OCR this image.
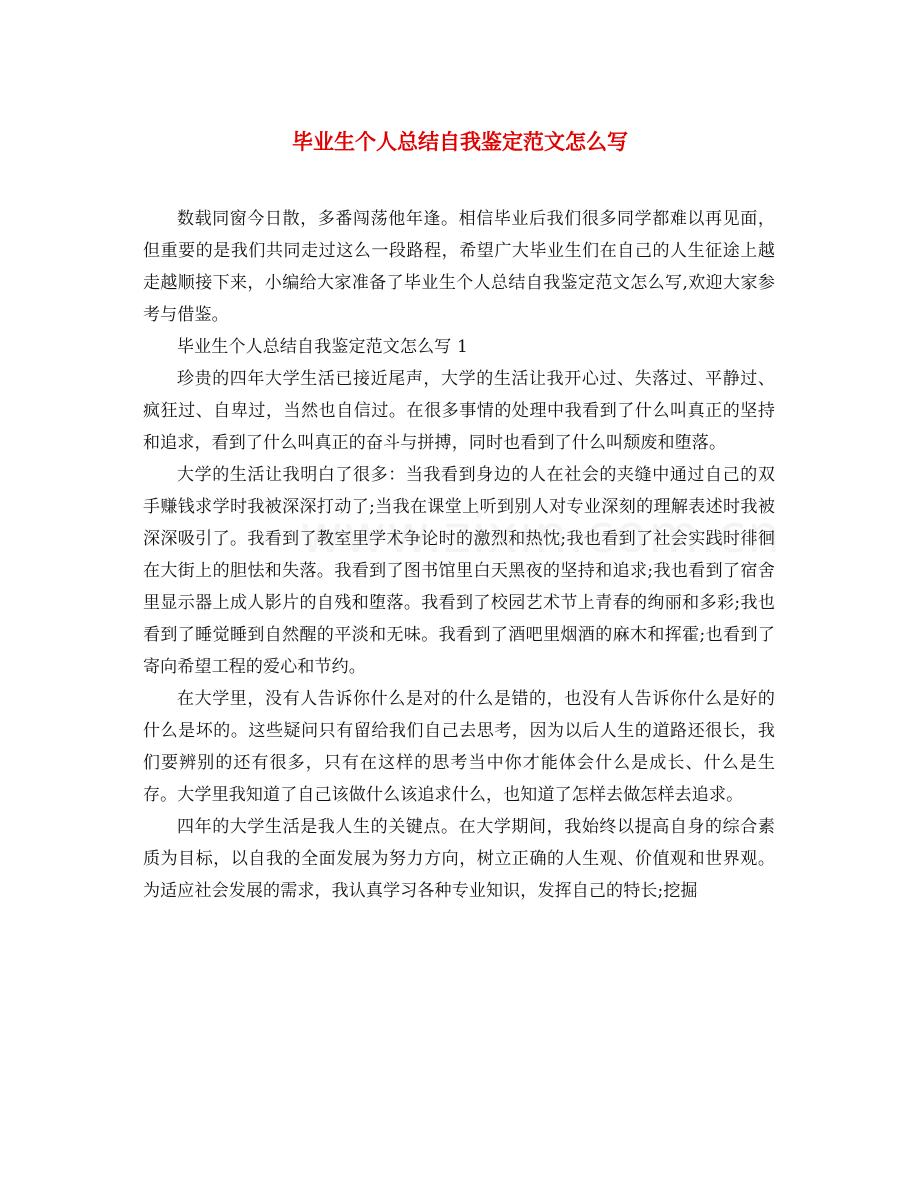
毕业生个人总结自我鉴定范文怎么写

数载同窗今日散，多番闯荡他年逢。相信毕业后我们很多同学都难以再见面，但重要的是我们共同走过这么一段路程，希望广大毕业生们在自己的人生征途上越走越顺接下来，小编给大家准备了毕业生个人总结自我鉴定范文怎么写,欢迎大家参考与借鉴。

毕业生个人总结自我鉴定范文怎么写 1

珍贵的四年大学生活已接近尾声，大学的生活让我开心过、失落过、平静过、疯狂过、自卑过，当然也自信过。在很多事情的处理中我看到了什么叫真正的坚持和追求，看到了什么叫真正的奋斗与拼搏，同时也看到了什么叫颓废和堕落。

大学的生活让我明白了很多：当我看到身边的人在社会的夹缝中通过自己的双手赚钱求学时我被深深打动了;当我在课堂上听到别人对专业深刻的理解表述时我被深深吸引了。我看到了教室里学术争论时的激烈和热忱;我也看到了社会实践时徘徊在大街上的胆怯和失落。我看到了图书馆里白天黑夜的坚持和追求;我也看到了宿舍里显示器上成人影片的自残和堕落。我看到了校园艺术节上青春的绚丽和多彩;我也看到了睡觉睡到自然醒的平淡和无味。我看到了酒吧里烟酒的麻木和挥霍;也看到了寄向希望工程的爱心和节约。

在大学里，没有人告诉你什么是对的什么是错的，也没有人告诉你什么是好的什么是坏的。这些疑问只有留给我们自己去思考，因为以后人生的道路还很长，我们要辨别的还有很多，只有在这样的思考当中你才能体会什么是成长、什么是生存。大学里我知道了自己该做什么该追求什么，也知道了怎样去做怎样去追求。

四年的大学生活是我人生的关键点。在大学期间，我始终以提高自身的综合素质为目标，以自我的全面发展为努力方向，树立正确的人生观、价值观和世界观。为适应社会发展的需求，我认真学习各种专业知识，发挥自己的特长;挖掘
